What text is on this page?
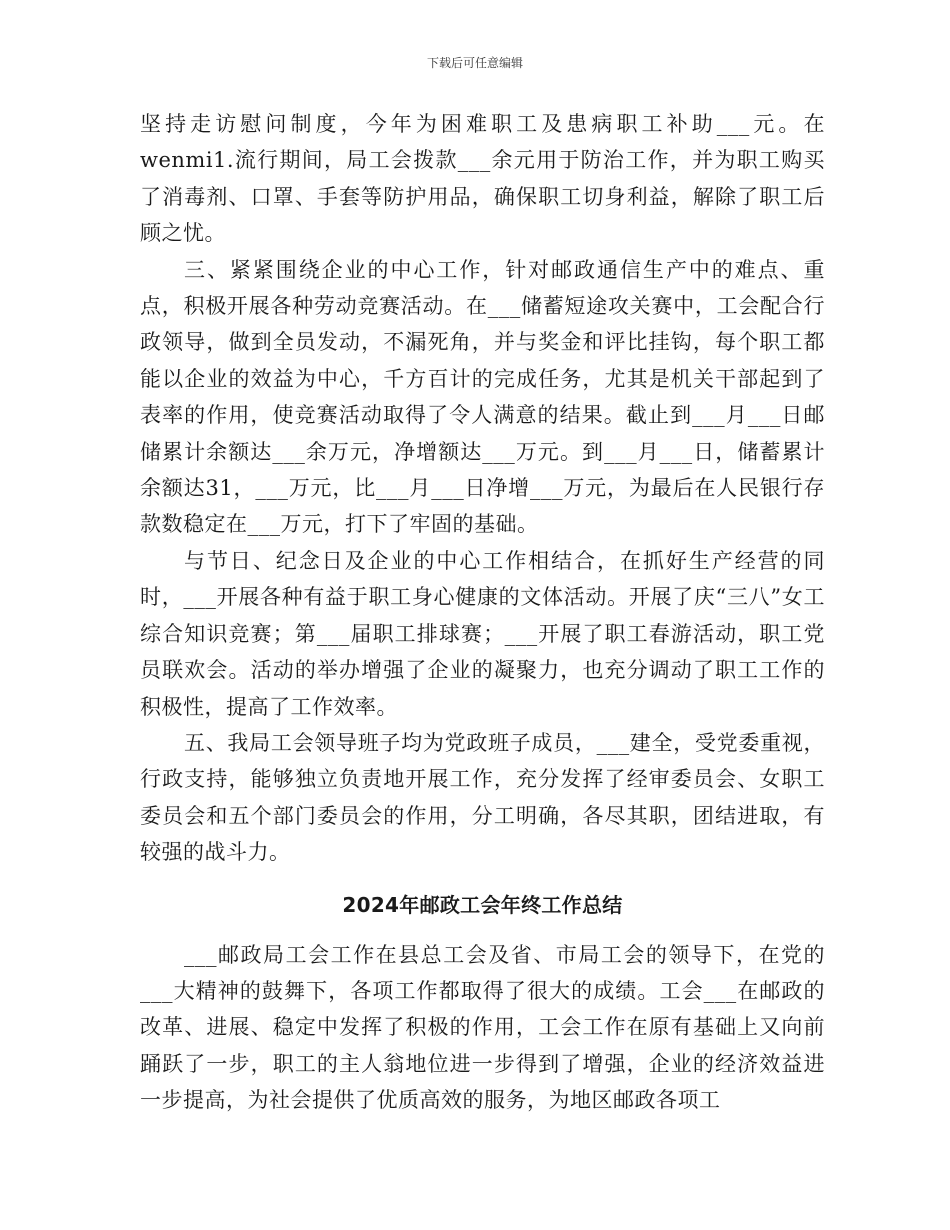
下载后可任意编辑

坚持走访慰问制度，今年为困难职工及患病职工补助___元。在wenmi1.流行期间，局工会拨款___余元用于防治工作，并为职工购买了消毒剂、口罩、手套等防护用品，确保职工切身利益，解除了职工后顾之忧。

三、紧紧围绕企业的中心工作，针对邮政通信生产中的难点、重点，积极开展各种劳动竞赛活动。在___储蓄短途攻关赛中，工会配合行政领导，做到全员发动，不漏死角，并与奖金和评比挂钩，每个职工都能以企业的效益为中心，千方百计的完成任务，尤其是机关干部起到了表率的作用，使竞赛活动取得了令人满意的结果。截止到___月___日邮储累计余额达___余万元，净增额达___万元。到___月___日，储蓄累计余额达31，___万元，比___月___日净增___万元，为最后在人民银行存款数稳定在___万元，打下了牢固的基础。

与节日、纪念日及企业的中心工作相结合，在抓好生产经营的同时，___开展各种有益于职工身心健康的文体活动。开展了庆“三八”女工综合知识竞赛；第___届职工排球赛；___开展了职工春游活动，职工党员联欢会。活动的举办增强了企业的凝聚力，也充分调动了职工工作的积极性，提高了工作效率。

五、我局工会领导班子均为党政班子成员，___建全，受党委重视，行政支持，能够独立负责地开展工作，充分发挥了经审委员会、女职工委员会和五个部门委员会的作用，分工明确，各尽其职，团结进取，有较强的战斗力。

2024年邮政工会年终工作总结

___邮政局工会工作在县总工会及省、市局工会的领导下，在党的___大精神的鼓舞下，各项工作都取得了很大的成绩。工会___在邮政的改革、进展、稳定中发挥了积极的作用，工会工作在原有基础上又向前踊跃了一步，职工的主人翁地位进一步得到了增强，企业的经济效益进一步提高，为社会提供了优质高效的服务，为地区邮政各项工
